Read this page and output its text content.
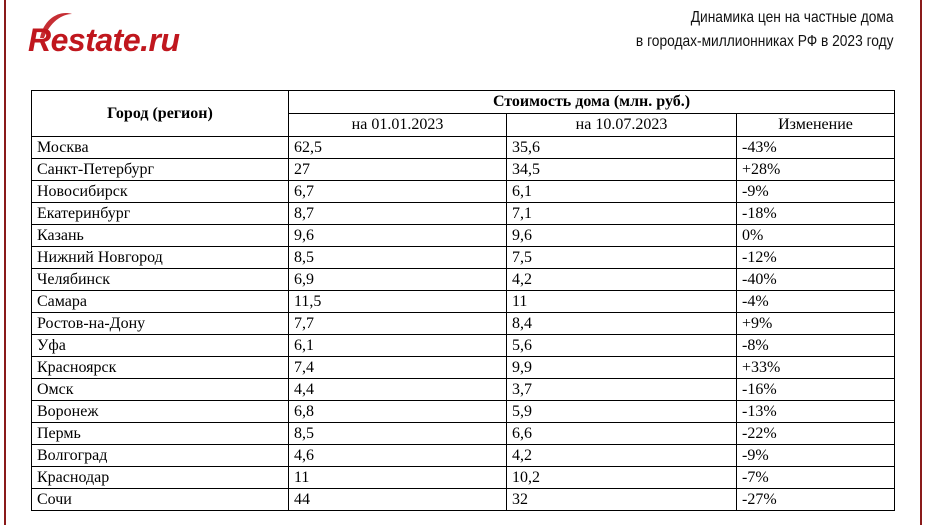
Restate.ru
Динамика цен на частные дома
в городах-миллионниках РФ в 2023 году
Город (регион)	Стоимость дома (млн. руб.)		
	на 01.01.2023	на 10.07.2023	Изменение
Москва	62,5	35,6	-43%
Санкт-Петербург	27	34,5	+28%
Новосибирск	6,7	6,1	-9%
Екатеринбург	8,7	7,1	-18%
Казань	9,6	9,6	0%
Нижний Новгород	8,5	7,5	-12%
Челябинск	6,9	4,2	-40%
Самара	11,5	11	-4%
Ростов-на-Дону	7,7	8,4	+9%
Уфа	6,1	5,6	-8%
Красноярск	7,4	9,9	+33%
Омск	4,4	3,7	-16%
Воронеж	6,8	5,9	-13%
Пермь	8,5	6,6	-22%
Волгоград	4,6	4,2	-9%
Краснодар	11	10,2	-7%
Сочи	44	32	-27%
